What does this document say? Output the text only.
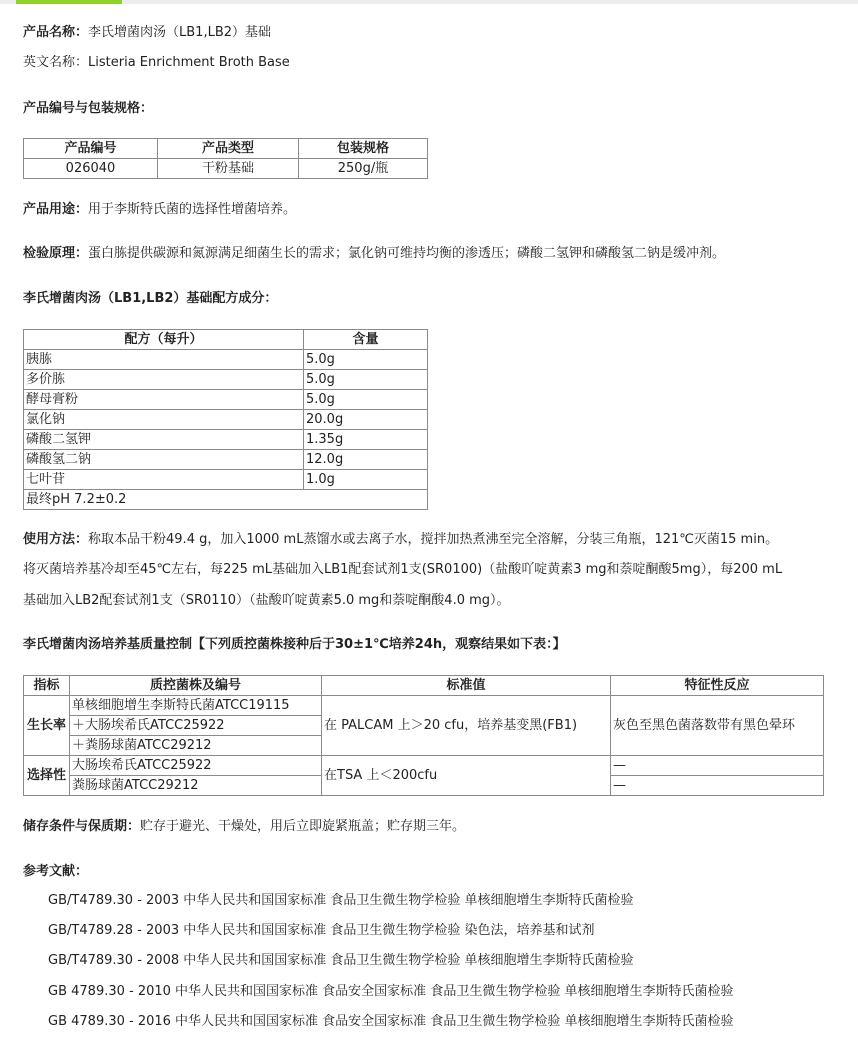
产品名称：李氏增菌肉汤（LB1,LB2）基础
英文名称：Listeria Enrichment Broth Base
产品编号与包装规格：
产品编号	产品类型	包装规格
026040	干粉基础	250g/瓶
产品用途：用于李斯特氏菌的选择性增菌培养。
检验原理：蛋白胨提供碳源和氮源满足细菌生长的需求；氯化钠可维持均衡的渗透压；磷酸二氢钾和磷酸氢二钠是缓冲剂。
李氏增菌肉汤（LB1,LB2）基础配方成分：
配方（每升）	含量
胰胨	5.0g
多价胨	5.0g
酵母膏粉	5.0g
氯化钠	20.0g
磷酸二氢钾	1.35g
磷酸氢二钠	12.0g
七叶苷	1.0g
最终pH 7.2±0.2	
使用方法：称取本品干粉49.4 g，加入1000 mL蒸馏水或去离子水，搅拌加热煮沸至完全溶解，分装三角瓶，121℃灭菌15 min。
将灭菌培养基冷却至45℃左右，每225 mL基础加入LB1配套试剂1支(SR0100)（盐酸吖啶黄素3 mg和萘啶酮酸5mg），每200 mL
基础加入LB2配套试剂1支（SR0110）（盐酸吖啶黄素5.0 mg和萘啶酮酸4.0 mg）。
李氏增菌肉汤培养基质量控制【下列质控菌株接种后于30±1℃培养24h，观察结果如下表：】
指标	质控菌株及编号	标准值	特征性反应
生长率	单核细胞增生李斯特氏菌ATCC19115	在 PALCAM 上＞20 cfu，培养基变黑(FB1)	灰色至黑色菌落数带有黑色晕环
	＋大肠埃希氏ATCC25922		
	＋粪肠球菌ATCC29212		
选择性	大肠埃希氏ATCC25922	在TSA 上＜200cfu	—
	粪肠球菌ATCC29212		—
储存条件与保质期：贮存于避光、干燥处，用后立即旋紧瓶盖；贮存期三年。
参考文献：
GB/T4789.30 - 2003 中华人民共和国国家标准 食品卫生微生物学检验 单核细胞增生李斯特氏菌检验
GB/T4789.28 - 2003 中华人民共和国国家标准 食品卫生微生物学检验 染色法，培养基和试剂
GB/T4789.30 - 2008 中华人民共和国国家标准 食品卫生微生物学检验 单核细胞增生李斯特氏菌检验
GB 4789.30 - 2010 中华人民共和国国家标准 食品安全国家标准 食品卫生微生物学检验 单核细胞增生李斯特氏菌检验
GB 4789.30 - 2016 中华人民共和国国家标准 食品安全国家标准 食品卫生微生物学检验 单核细胞增生李斯特氏菌检验
